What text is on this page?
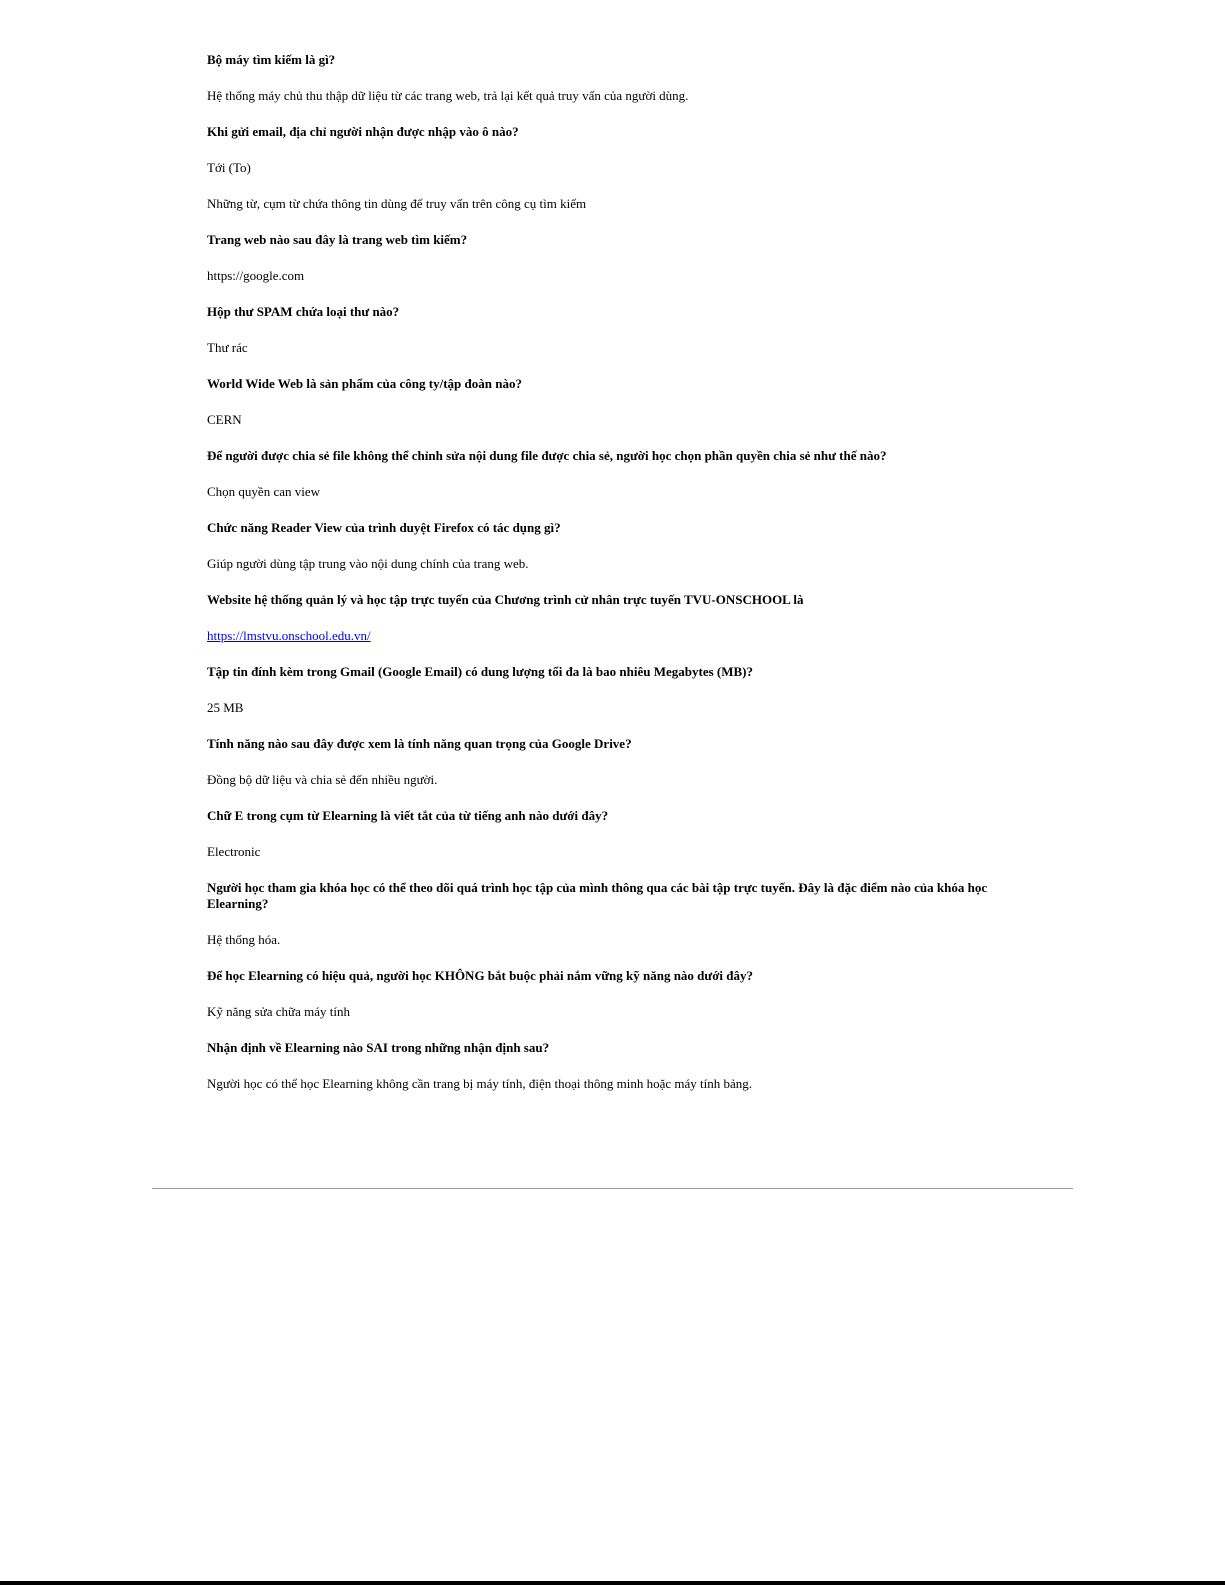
Bộ máy tìm kiếm là gì?

Hệ thống máy chủ thu thập dữ liệu từ các trang web, trả lại kết quả truy vấn của người dùng.

Khi gửi email, địa chỉ người nhận được nhập vào ô nào?

Tới (To)

Những từ, cụm từ chứa thông tin dùng để truy vấn trên công cụ tìm kiếm

Trang web nào sau đây là trang web tìm kiếm?

https://google.com

Hộp thư SPAM chứa loại thư nào?

Thư rác

World Wide Web là sản phẩm của công ty/tập đoàn nào?

CERN

Để người được chia sẻ file không thể chỉnh sửa nội dung file được chia sẻ, người học chọn phần quyền chia sẻ như thế nào?

Chọn quyền can view

Chức năng Reader View của trình duyệt Firefox có tác dụng gì?

Giúp người dùng tập trung vào nội dung chính của trang web.

Website hệ thống quản lý và học tập trực tuyến của Chương trình cử nhân trực tuyến TVU-ONSCHOOL là

https://lmstvu.onschool.edu.vn/

Tập tin đính kèm trong Gmail (Google Email) có dung lượng tối đa là bao nhiêu Megabytes (MB)?

25 MB

Tính năng nào sau đây được xem là tính năng quan trọng của Google Drive?

Đồng bộ dữ liệu và chia sẻ đến nhiều người.

Chữ E trong cụm từ Elearning là viết tắt của từ tiếng anh nào dưới đây?

Electronic

Người học tham gia khóa học có thể theo dõi quá trình học tập của mình thông qua các bài tập trực tuyến. Đây là đặc điểm nào của khóa học Elearning?

Hệ thống hóa.

Để học Elearning có hiệu quả, người học KHÔNG bắt buộc phải nắm vững kỹ năng nào dưới đây?

Kỹ năng sửa chữa máy tính

Nhận định về Elearning nào SAI trong những nhận định sau?

Người học có thể học Elearning không cần trang bị máy tính, điện thoại thông minh hoặc máy tính bảng.
